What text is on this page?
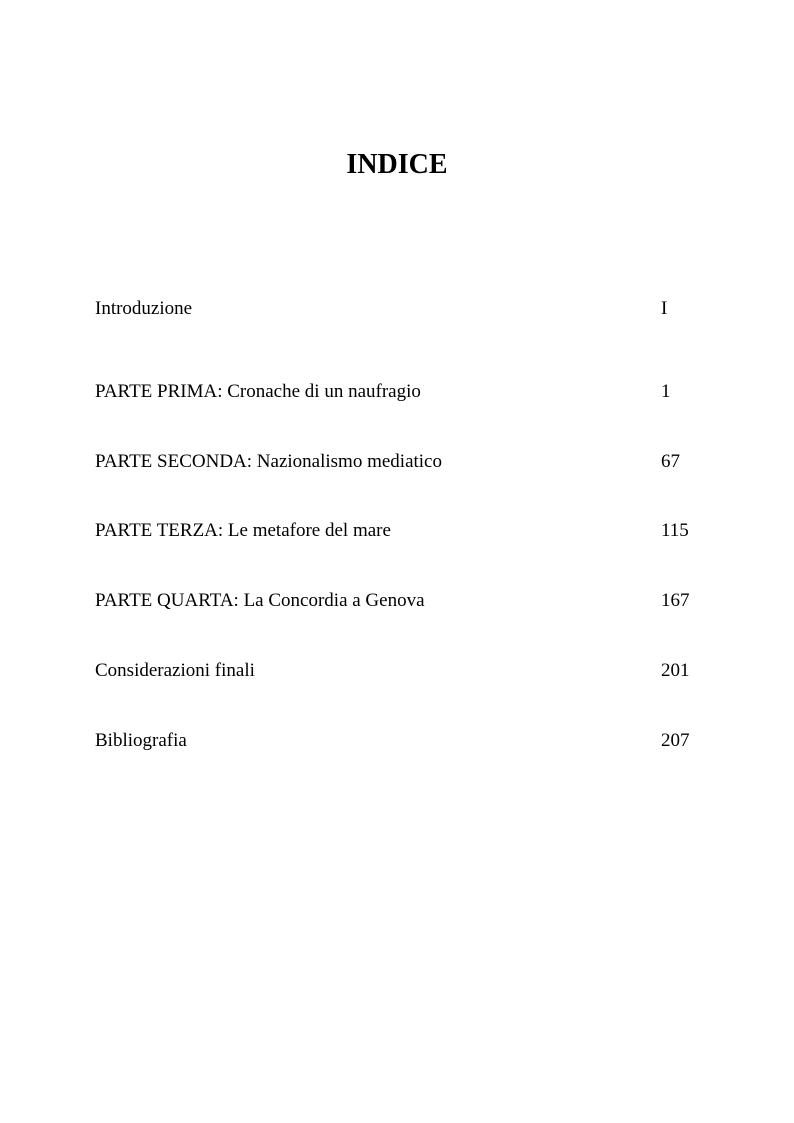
INDICE
Introduzione	I
PARTE PRIMA: Cronache di un naufragio	1
PARTE SECONDA: Nazionalismo mediatico	67
PARTE TERZA: Le metafore del mare	115
PARTE QUARTA: La Concordia a Genova	167
Considerazioni finali	201
Bibliografia	207
